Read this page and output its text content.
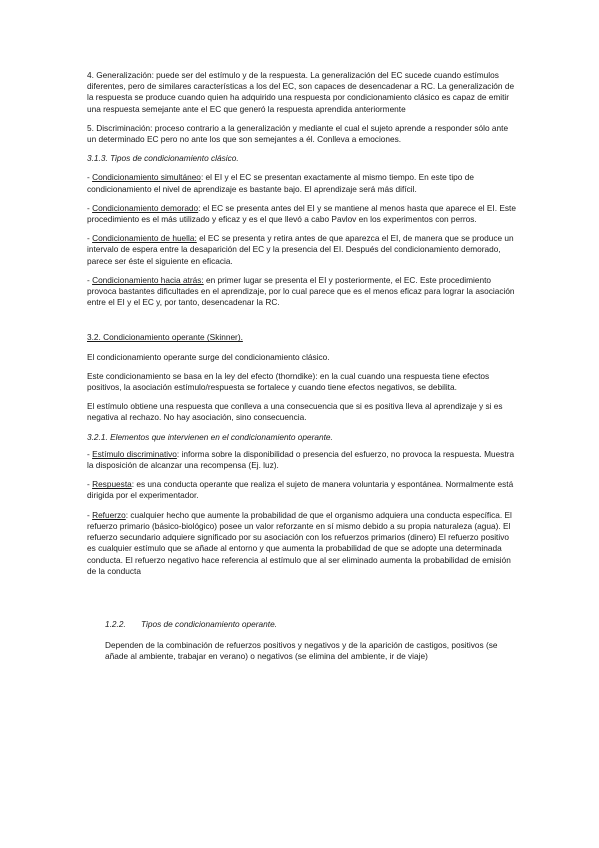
4. Generalización: puede ser del estímulo y de la respuesta. La generalización del EC sucede cuando estímulos diferentes, pero de similares características a los del EC, son capaces de desencadenar a RC. La generalización de la respuesta se produce cuando quien ha adquirido una respuesta por condicionamiento clásico es capaz de emitir una respuesta semejante ante el EC que generó la respuesta aprendida anteriormente

5. Discriminación: proceso contrario a la generalización y mediante el cual el sujeto aprende a responder sólo ante un determinado EC pero no ante los que son semejantes a él. Conlleva a emociones.

3.1.3. Tipos de condicionamiento clásico.

- Condicionamiento simultáneo: el EI y el EC se presentan exactamente al mismo tiempo. En este tipo de condicionamiento el nivel de aprendizaje es bastante bajo. El aprendizaje será más difícil.

- Condicionamiento demorado: el EC se presenta antes del EI y se mantiene al menos hasta que aparece el EI. Este procedimiento es el más utilizado y eficaz y es el que llevó a cabo Pavlov en los experimentos con perros.

- Condicionamiento de huella: el EC se presenta y retira antes de que aparezca el EI, de manera que se produce un intervalo de espera entre la desaparición del EC y la presencia del EI. Después del condicionamiento demorado, parece ser éste el siguiente en eficacia.

- Condicionamiento hacia atrás: en primer lugar se presenta el EI y posteriormente, el EC. Este procedimiento provoca bastantes dificultades en el aprendizaje, por lo cual parece que es el menos eficaz para lograr la asociación entre el EI y el EC y, por tanto, desencadenar la RC.

3.2. Condicionamiento operante (Skinner).

El condicionamiento operante surge del condicionamiento clásico.

Este condicionamiento se basa en la ley del efecto (thorndike): en la cual cuando una respuesta tiene efectos positivos, la asociación estímulo/respuesta se fortalece y cuando tiene efectos negativos, se debilita.

El estímulo obtiene una respuesta que conlleva a una consecuencia que si es positiva lleva al aprendizaje y si es negativa al rechazo. No hay asociación, sino consecuencia.

3.2.1. Elementos que intervienen en el condicionamiento operante.

- Estímulo discriminativo: informa sobre la disponibilidad o presencia del esfuerzo, no provoca la respuesta. Muestra la disposición de alcanzar una recompensa (Ej. luz).

- Respuesta: es una conducta operante que realiza el sujeto de manera voluntaria y espontánea. Normalmente está dirigida por el experimentador.

- Refuerzo: cualquier hecho que aumente la probabilidad de que el organismo adquiera una conducta específica. El refuerzo primario (básico-biológico) posee un valor reforzante en sí mismo debido a su propia naturaleza (agua). El refuerzo secundario adquiere significado por su asociación con los refuerzos primarios (dinero) El refuerzo positivo es cualquier estímulo que se añade al entorno y que aumenta la probabilidad de que se adopte una determinada conducta. El refuerzo negativo hace referencia al estímulo que al ser eliminado aumenta la probabilidad de emisión de la conducta

1.2.2. Tipos de condicionamiento operante.

Dependen de la combinación de refuerzos positivos y negativos y de la aparición de castigos, positivos (se añade al ambiente, trabajar en verano) o negativos (se elimina del ambiente, ir de viaje)
